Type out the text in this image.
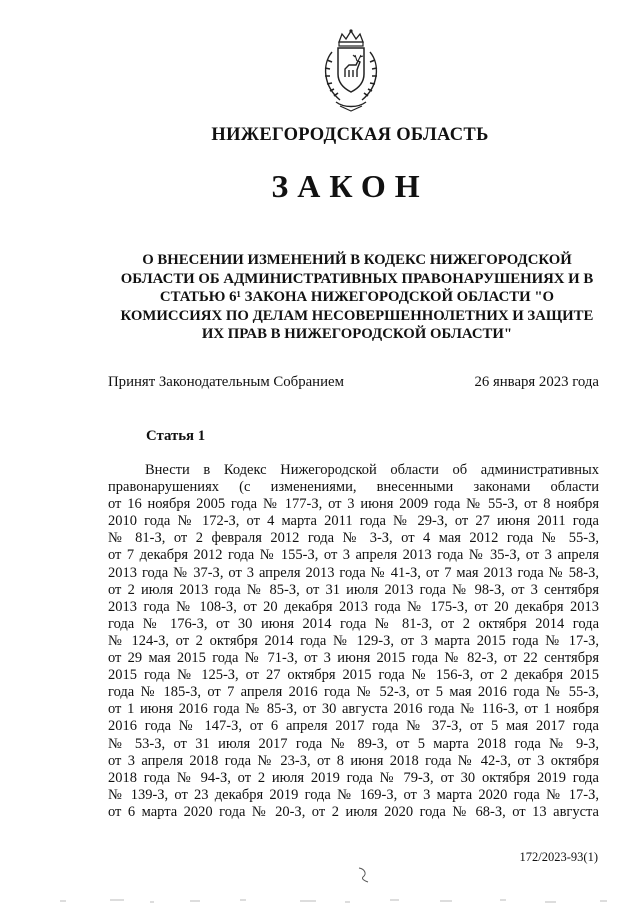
НИЖЕГОРОДСКАЯ ОБЛАСТЬ
ЗАКОН
О ВНЕСЕНИИ ИЗМЕНЕНИЙ В КОДЕКС НИЖЕГОРОДСКОЙ
ОБЛАСТИ ОБ АДМИНИСТРАТИВНЫХ ПРАВОНАРУШЕНИЯХ И В
СТАТЬЮ 6¹ ЗАКОНА НИЖЕГОРОДСКОЙ ОБЛАСТИ "О
КОМИССИЯХ ПО ДЕЛАМ НЕСОВЕРШЕННОЛЕТНИХ И ЗАЩИТЕ
ИХ ПРАВ В НИЖЕГОРОДСКОЙ ОБЛАСТИ"
Принят Законодательным Собранием	26 января 2023 года
Статья 1
Внести в Кодекс Нижегородской области об административных
правонарушениях (с изменениями, внесенными законами области
от 16 ноября 2005 года № 177-З, от 3 июня 2009 года № 55-З, от 8 ноября
2010 года № 172-З, от 4 марта 2011 года № 29-З, от 27 июня 2011 года
№ 81-З, от 2 февраля 2012 года № 3-З, от 4 мая 2012 года № 55-З,
от 7 декабря 2012 года № 155-З, от 3 апреля 2013 года № 35-З, от 3 апреля
2013 года № 37-З, от 3 апреля 2013 года № 41-З, от 7 мая 2013 года № 58-З,
от 2 июля 2013 года № 85-З, от 31 июля 2013 года № 98-З, от 3 сентября
2013 года № 108-З, от 20 декабря 2013 года № 175-З, от 20 декабря 2013
года № 176-З, от 30 июня 2014 года № 81-З, от 2 октября 2014 года
№ 124-З, от 2 октября 2014 года № 129-З, от 3 марта 2015 года № 17-З,
от 29 мая 2015 года № 71-З, от 3 июня 2015 года № 82-З, от 22 сентября
2015 года № 125-З, от 27 октября 2015 года № 156-З, от 2 декабря 2015
года № 185-З, от 7 апреля 2016 года № 52-З, от 5 мая 2016 года № 55-З,
от 1 июня 2016 года № 85-З, от 30 августа 2016 года № 116-З, от 1 ноября
2016 года № 147-З, от 6 апреля 2017 года № 37-З, от 5 мая 2017 года
№ 53-З, от 31 июля 2017 года № 89-З, от 5 марта 2018 года № 9-З,
от 3 апреля 2018 года № 23-З, от 8 июня 2018 года № 42-З, от 3 октября
2018 года № 94-З, от 2 июля 2019 года № 79-З, от 30 октября 2019 года
№ 139-З, от 23 декабря 2019 года № 169-З, от 3 марта 2020 года № 17-З,
от 6 марта 2020 года № 20-З, от 2 июля 2020 года № 68-З, от 13 августа
172/2023-93(1)
